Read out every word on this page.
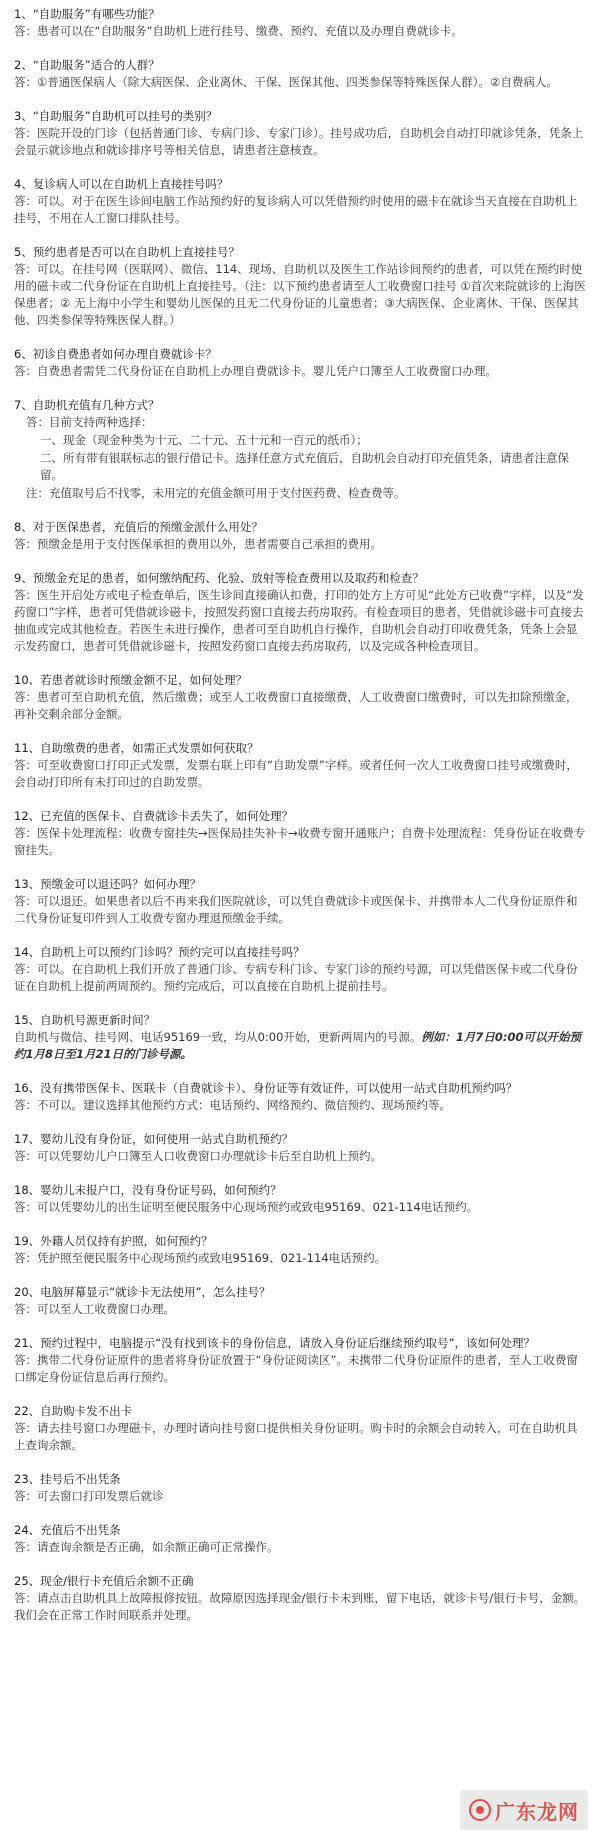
1、“自助服务”有哪些功能？

答：患者可以在“自助服务”自助机上进行挂号、缴费、预约、充值以及办理自费就诊卡。

2、“自助服务”适合的人群？

答：①普通医保病人（除大病医保、企业离休、干保、医保其他、四类参保等特殊医保人群）。②自费病人。

3、“自助服务”自助机可以挂号的类别？

答：医院开设的门诊（包括普通门诊、专病门诊、专家门诊）。挂号成功后，自助机会自动打印就诊凭条，凭条上会显示就诊地点和就诊排序号等相关信息，请患者注意核查。

4、复诊病人可以在自助机上直接挂号吗？

答：可以。对于在医生诊间电脑工作站预约好的复诊病人可以凭借预约时使用的磁卡在就诊当天直接在自助机上挂号，不用在人工窗口排队挂号。

5、预约患者是否可以在自助机上直接挂号？

答：可以。在挂号网（医联网）、微信、114、现场、自助机以及医生工作站诊间预约的患者，可以凭在预约时使用的磁卡或二代身份证在自助机上直接挂号。（注：以下预约患者请至人工收费窗口挂号 ①首次来院就诊的上海医保患者；② 无上海中小学生和婴幼儿医保的且无二代身份证的儿童患者；③大病医保、企业离休、干保、医保其他、四类参保等特殊医保人群。）

6、初诊自费患者如何办理自费就诊卡？

答：自费患者需凭二代身份证在自助机上办理自费就诊卡。婴儿凭户口簿至人工收费窗口办理。

7、自助机充值有几种方式？

答：目前支持两种选择：

一、现金（现金种类为十元、二十元、五十元和一百元的纸币）；

二、所有带有银联标志的银行借记卡。选择任意方式充值后，自助机会自动打印充值凭条，请患者注意保留。

注：充值取号后不找零，未用完的充值金额可用于支付医药费、检查费等。

8、对于医保患者，充值后的预缴金派什么用处？

答：预缴金是用于支付医保承担的费用以外，患者需要自己承担的费用。

9、预缴金充足的患者，如何缴纳配药、化验、放射等检查费用以及取药和检查？

答：医生开启处方或电子检查单后，医生诊间直接确认扣费，打印的处方上方可见“此处方已收费”字样，以及“发药窗口”字样，患者可凭借就诊磁卡，按照发药窗口直接去药房取药。有检查项目的患者，凭借就诊磁卡可直接去抽血或完成其他检查。若医生未进行操作，患者可至自助机自行操作，自助机会自动打印收费凭条，凭条上会显示发药窗口，患者可凭借就诊磁卡，按照发药窗口直接去药房取药，以及完成各种检查项目。

10、若患者就诊时预缴金额不足，如何处理？

答：患者可至自助机充值，然后缴费；或至人工收费窗口直接缴费，人工收费窗口缴费时，可以先扣除预缴金，再补交剩余部分金额。

11、自助缴费的患者，如需正式发票如何获取？

答：可至收费窗口打印正式发票，发票右联上印有“自助发票”字样。或者任何一次人工收费窗口挂号或缴费时，会自动打印所有未打印过的自助发票。

12、已充值的医保卡、自费就诊卡丢失了，如何处理？

答：医保卡处理流程：收费专窗挂失→医保局挂失补卡→收费专窗开通账户；自费卡处理流程：凭身份证在收费专窗挂失。

13、预缴金可以退还吗？如何办理？

答：可以退还。如果患者以后不再来我们医院就诊，可以凭自费就诊卡或医保卡、并携带本人二代身份证原件和二代身份证复印件到人工收费专窗办理退预缴金手续。

14、自助机上可以预约门诊吗？预约完可以直接挂号吗？

答：可以。在自助机上我们开放了普通门诊、专病专科门诊、专家门诊的预约号源，可以凭借医保卡或二代身份证在自助机上提前两周预约。预约完成后，可以直接在自助机上提前挂号。

15、自助机号源更新时间？

自助机与微信、挂号网、电话95169一致，均从0:00开始，更新两周内的号源。例如：1月7日0:00可以开始预约1月8日至1月21日的门诊号源。

16、没有携带医保卡、医联卡（自费就诊卡）、身份证等有效证件，可以使用一站式自助机预约吗？

答：不可以。建议选择其他预约方式：电话预约、网络预约、微信预约、现场预约等。

17、婴幼儿没有身份证，如何使用一站式自助机预约？

答：可以凭婴幼儿户口簿至人口收费窗口办理就诊卡后至自助机上预约。

18、婴幼儿未报户口，没有身份证号码，如何预约？

答：可以凭婴幼儿的出生证明至便民服务中心现场预约或致电95169、021-114电话预约。

19、外籍人员仅持有护照，如何预约？

答：凭护照至便民服务中心现场预约或致电95169、021-114电话预约。

20、电脑屏幕显示“就诊卡无法使用”，怎么挂号？

答：可以至人工收费窗口办理。

21、预约过程中，电脑提示“没有找到该卡的身份信息，请放入身份证后继续预约取号”，该如何处理？

答：携带二代身份证原件的患者将身份证放置于“身份证阅读区”。未携带二代身份证原件的患者，至人工收费窗口绑定身份证信息后再行预约。

22、自助购卡发不出卡

答：请去挂号窗口办理磁卡，办理时请向挂号窗口提供相关身份证明。购卡时的余额会自动转入，可在自助机具上查询余额。

23、挂号后不出凭条

答：可去窗口打印发票后就诊

24、充值后不出凭条

答：请查询余额是否正确，如余额正确可正常操作。

25、现金/银行卡充值后余额不正确

答：请点击自助机具上故障报修按钮。故障原因选择现金/银行卡未到账，留下电话，就诊卡号/银行卡号，金额。我们会在正常工作时间联系并处理。

广东龙网
